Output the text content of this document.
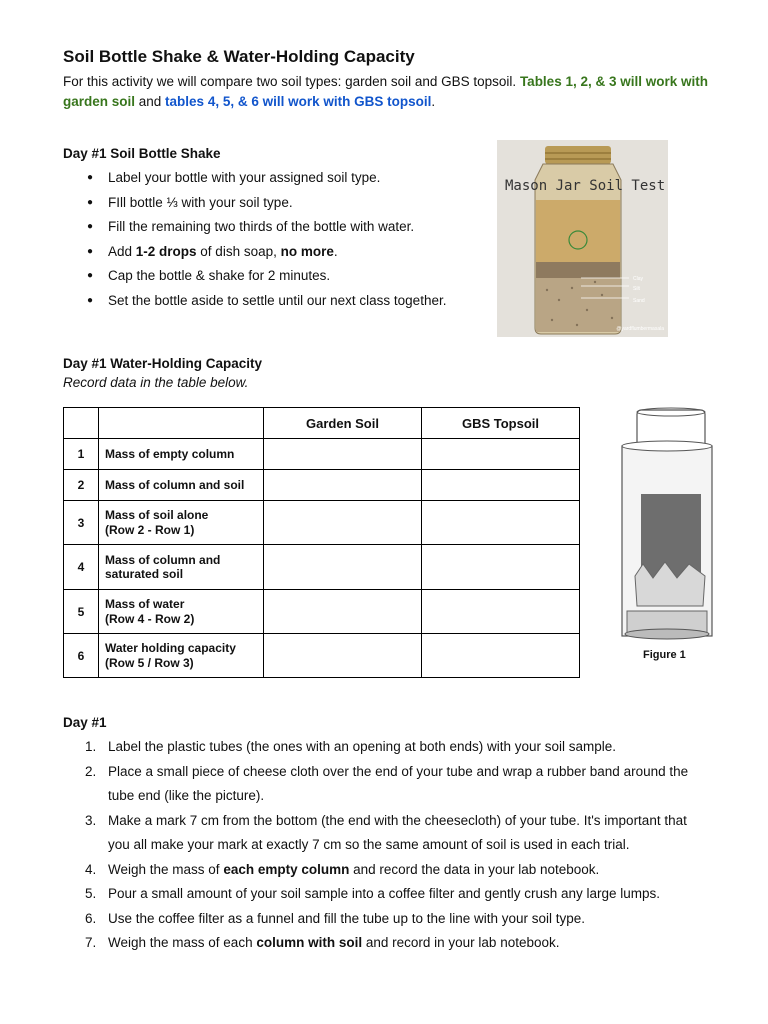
Soil Bottle Shake & Water-Holding Capacity

For this activity we will compare two soil types: garden soil and GBS topsoil. Tables 1, 2, & 3 will work with garden soil and tables 4, 5, & 6 will work with GBS topsoil.

Day #1 Soil Bottle Shake
● Label your bottle with your assigned soil type.
● FIll bottle ⅓ with your soil type.
● Fill the remaining two thirds of the bottle with water.
● Add 1-2 drops of dish soap, no more.
● Cap the bottle & shake for 2 minutes.
● Set the bottle aside to settle until our next class together.
Mason Jar Soil Test
Clay
Silt
Sand
@yardflumbermasala
Day #1 Water-Holding Capacity
Record data in the table below.
		Garden Soil	GBS Topsoil
1	Mass of empty column		
2	Mass of column and soil		
3	Mass of soil alone
(Row 2 - Row 1)		
4	Mass of column and
saturated soil		
5	Mass of water
(Row 4 - Row 2)		
6	Water holding capacity
(Row 5 / Row 3)		
Figure 1
Day #1
1. Label the plastic tubes (the ones with an opening at both ends) with your soil sample.
2. Place a small piece of cheese cloth over the end of your tube and wrap a rubber band around the tube end (like the picture).
3. Make a mark 7 cm from the bottom (the end with the cheesecloth) of your tube. It's important that you all make your mark at exactly 7 cm so the same amount of soil is used in each trial.
4. Weigh the mass of each empty column and record the data in your lab notebook.
5. Pour a small amount of your soil sample into a coffee filter and gently crush any large lumps.
6. Use the coffee filter as a funnel and fill the tube up to the line with your soil type.
7. Weigh the mass of each column with soil and record in your lab notebook.
